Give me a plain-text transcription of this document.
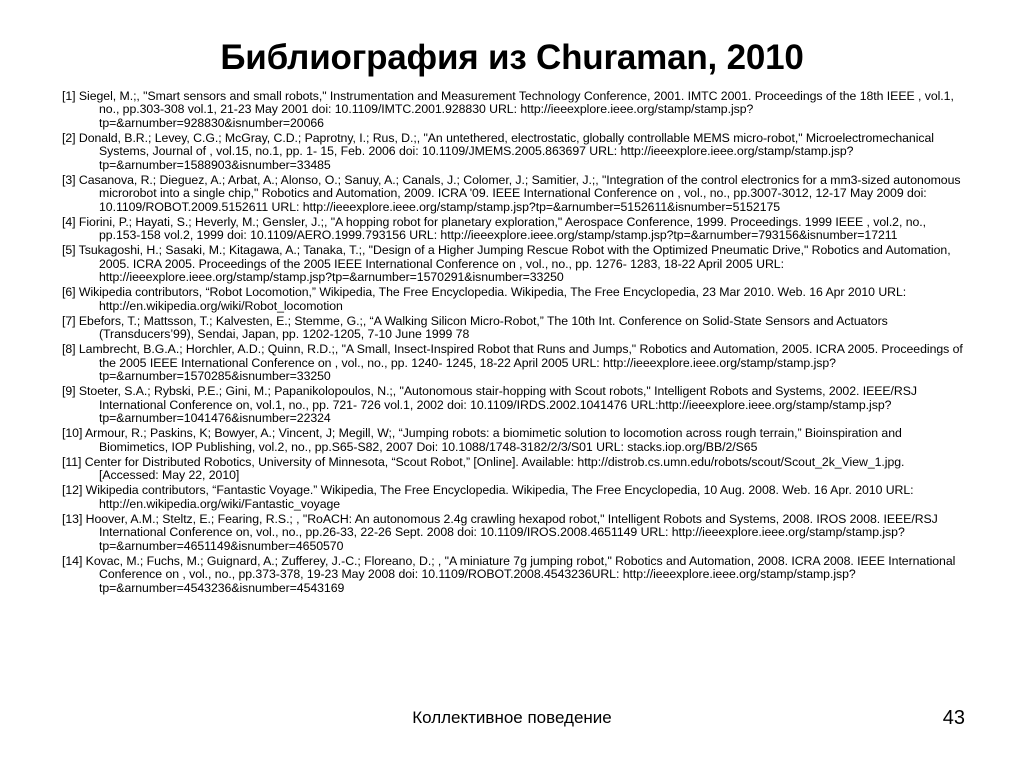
Библиография из Churaman, 2010
[1] Siegel, M.;, "Smart sensors and small robots," Instrumentation and Measurement Technology Conference, 2001. IMTC 2001. Proceedings of the 18th IEEE , vol.1, no., pp.303-308 vol.1, 21-23 May 2001 doi: 10.1109/IMTC.2001.928830 URL: http://ieeexplore.ieee.org/stamp/stamp.jsp?tp=&arnumber=928830&isnumber=20066
[2] Donald, B.R.; Levey, C.G.; McGray, C.D.; Paprotny, I.; Rus, D.;, "An untethered, electrostatic, globally controllable MEMS micro-robot," Microelectromechanical Systems, Journal of , vol.15, no.1, pp. 1- 15, Feb. 2006 doi: 10.1109/JMEMS.2005.863697 URL: http://ieeexplore.ieee.org/stamp/stamp.jsp?tp=&arnumber=1588903&isnumber=33485
[3] Casanova, R.; Dieguez, A.; Arbat, A.; Alonso, O.; Sanuy, A.; Canals, J.; Colomer, J.; Samitier, J.;, "Integration of the control electronics for a mm3-sized autonomous microrobot into a single chip," Robotics and Automation, 2009. ICRA '09. IEEE International Conference on , vol., no., pp.3007-3012, 12-17 May 2009 doi: 10.1109/ROBOT.2009.5152611 URL: http://ieeexplore.ieee.org/stamp/stamp.jsp?tp=&arnumber=5152611&isnumber=5152175
[4] Fiorini, P.; Hayati, S.; Heverly, M.; Gensler, J.;, "A hopping robot for planetary exploration," Aerospace Conference, 1999. Proceedings. 1999 IEEE , vol.2, no., pp.153-158 vol.2, 1999 doi: 10.1109/AERO.1999.793156 URL: http://ieeexplore.ieee.org/stamp/stamp.jsp?tp=&arnumber=793156&isnumber=17211
[5] Tsukagoshi, H.; Sasaki, M.; Kitagawa, A.; Tanaka, T.;, "Design of a Higher Jumping Rescue Robot with the Optimized Pneumatic Drive," Robotics and Automation, 2005. ICRA 2005. Proceedings of the 2005 IEEE International Conference on , vol., no., pp. 1276- 1283, 18-22 April 2005 URL: http://ieeexplore.ieee.org/stamp/stamp.jsp?tp=&arnumber=1570291&isnumber=33250
[6] Wikipedia contributors, “Robot Locomotion,” Wikipedia, The Free Encyclopedia. Wikipedia, The Free Encyclopedia, 23 Mar 2010. Web. 16 Apr 2010 URL: http://en.wikipedia.org/wiki/Robot_locomotion
[7] Ebefors, T.; Mattsson, T.; Kalvesten, E.; Stemme, G.;, “A Walking Silicon Micro-Robot,” The 10th Int. Conference on Solid-State Sensors and Actuators (Transducers’99), Sendai, Japan, pp. 1202-1205, 7-10 June 1999 78
[8] Lambrecht, B.G.A.; Horchler, A.D.; Quinn, R.D.;, "A Small, Insect-Inspired Robot that Runs and Jumps," Robotics and Automation, 2005. ICRA 2005. Proceedings of the 2005 IEEE International Conference on , vol., no., pp. 1240- 1245, 18-22 April 2005 URL: http://ieeexplore.ieee.org/stamp/stamp.jsp?tp=&arnumber=1570285&isnumber=33250
[9] Stoeter, S.A.; Rybski, P.E.; Gini, M.; Papanikolopoulos, N.;, "Autonomous stair-hopping with Scout robots," Intelligent Robots and Systems, 2002. IEEE/RSJ International Conference on, vol.1, no., pp. 721- 726 vol.1, 2002 doi: 10.1109/IRDS.2002.1041476 URL:http://ieeexplore.ieee.org/stamp/stamp.jsp?tp=&arnumber=1041476&isnumber=22324
[10] Armour, R.; Paskins, K; Bowyer, A.; Vincent, J; Megill, W;, “Jumping robots: a biomimetic solution to locomotion across rough terrain,” Bioinspiration and Biomimetics, IOP Publishing, vol.2, no., pp.S65-S82, 2007 Doi: 10.1088/1748-3182/2/3/S01 URL: stacks.iop.org/BB/2/S65
[11] Center for Distributed Robotics, University of Minnesota, “Scout Robot,” [Online]. Available: http://distrob.cs.umn.edu/robots/scout/Scout_2k_View_1.jpg. [Accessed: May 22, 2010]
[12] Wikipedia contributors, “Fantastic Voyage.” Wikipedia, The Free Encyclopedia. Wikipedia, The Free Encyclopedia, 10 Aug. 2008. Web. 16 Apr. 2010 URL: http://en.wikipedia.org/wiki/Fantastic_voyage
[13] Hoover, A.M.; Steltz, E.; Fearing, R.S.; , "RoACH: An autonomous 2.4g crawling hexapod robot," Intelligent Robots and Systems, 2008. IROS 2008. IEEE/RSJ International Conference on, vol., no., pp.26-33, 22-26 Sept. 2008 doi: 10.1109/IROS.2008.4651149 URL: http://ieeexplore.ieee.org/stamp/stamp.jsp?tp=&arnumber=4651149&isnumber=4650570
[14] Kovac, M.; Fuchs, M.; Guignard, A.; Zufferey, J.-C.; Floreano, D.; , "A miniature 7g jumping robot," Robotics and Automation, 2008. ICRA 2008. IEEE International Conference on , vol., no., pp.373-378, 19-23 May 2008 doi: 10.1109/ROBOT.2008.4543236URL: http://ieeexplore.ieee.org/stamp/stamp.jsp?tp=&arnumber=4543236&isnumber=4543169
Коллективное поведение	43
